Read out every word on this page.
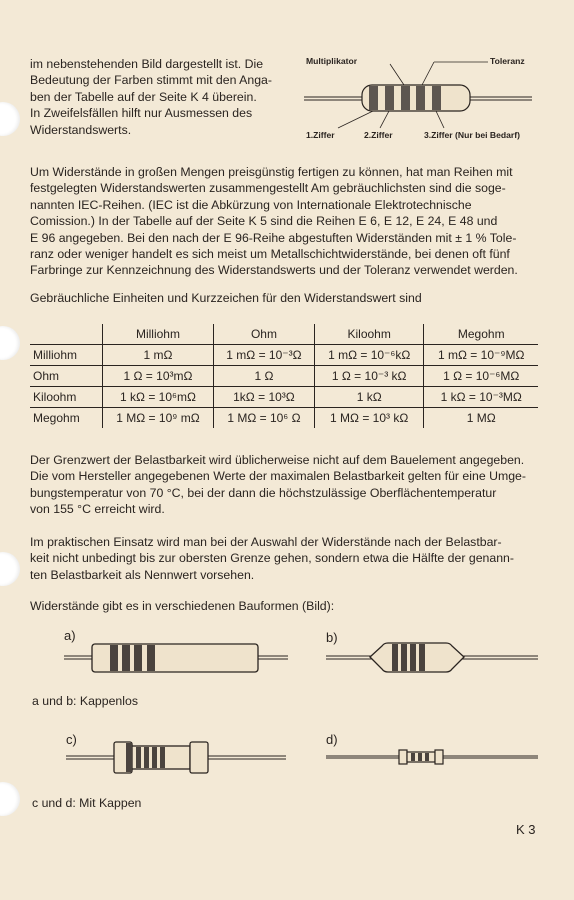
im nebenstehenden Bild dargestellt ist. Die

Bedeutung der Farben stimmt mit den Anga-

ben der Tabelle auf der Seite K 4 überein.

In Zweifelsfällen hilft nur Ausmessen des

Widerstandswerts.

Multiplikator	Toleranz
1.Ziffer	2.Ziffer	3.Ziffer (Nur bei Bedarf)

Um Widerstände in großen Mengen preisgünstig fertigen zu können, hat man Reihen mit

festgelegten Widerstandswerten zusammengestellt Am gebräuchlichsten sind die soge-

nannten IEC-Reihen. (IEC ist die Abkürzung von Internationale Elektrotechnische

Comission.) In der Tabelle auf der Seite K 5 sind die Reihen E 6, E 12, E 24, E 48 und

E 96 angegeben. Bei den nach der E 96-Reihe abgestuften Widerständen mit ± 1 % Tole-

ranz oder weniger handelt es sich meist um Metallschichtwiderstände, bei denen oft fünf

Farbringe zur Kennzeichnung des Widerstandswerts und der Toleranz verwendet werden.

Gebräuchliche Einheiten und Kurzzeichen für den Widerstandswert sind

	Milliohm	Ohm	Kiloohm	Megohm
Milliohm	1 mΩ	1 mΩ = 10⁻³Ω	1 mΩ = 10⁻⁶kΩ	1 mΩ = 10⁻⁹MΩ
Ohm	1 Ω = 10³mΩ	1 Ω	1 Ω = 10⁻³ kΩ	1 Ω = 10⁻⁶MΩ
Kiloohm	1 kΩ = 10⁶mΩ	1kΩ = 10³Ω	1 kΩ	1 kΩ = 10⁻³MΩ
Megohm	1 MΩ = 10⁹ mΩ	1 MΩ = 10⁶ Ω	1 MΩ = 10³ kΩ	1 MΩ

Der Grenzwert der Belastbarkeit wird üblicherweise nicht auf dem Bauelement angegeben.

Die vom Hersteller angegebenen Werte der maximalen Belastbarkeit gelten für eine Umge-

bungstemperatur von 70 °C, bei der dann die höchstzulässige Oberflächentemperatur

von 155 °C erreicht wird.

Im praktischen Einsatz wird man bei der Auswahl der Widerstände nach der Belastbar-

keit nicht unbedingt bis zur obersten Grenze gehen, sondern etwa die Hälfte der genann-

ten Belastbarkeit als Nennwert vorsehen.

Widerstände gibt es in verschiedenen Bauformen (Bild):

a)	b)
a und b: Kappenlos
c)	d)
c und d: Mit Kappen
K 3
